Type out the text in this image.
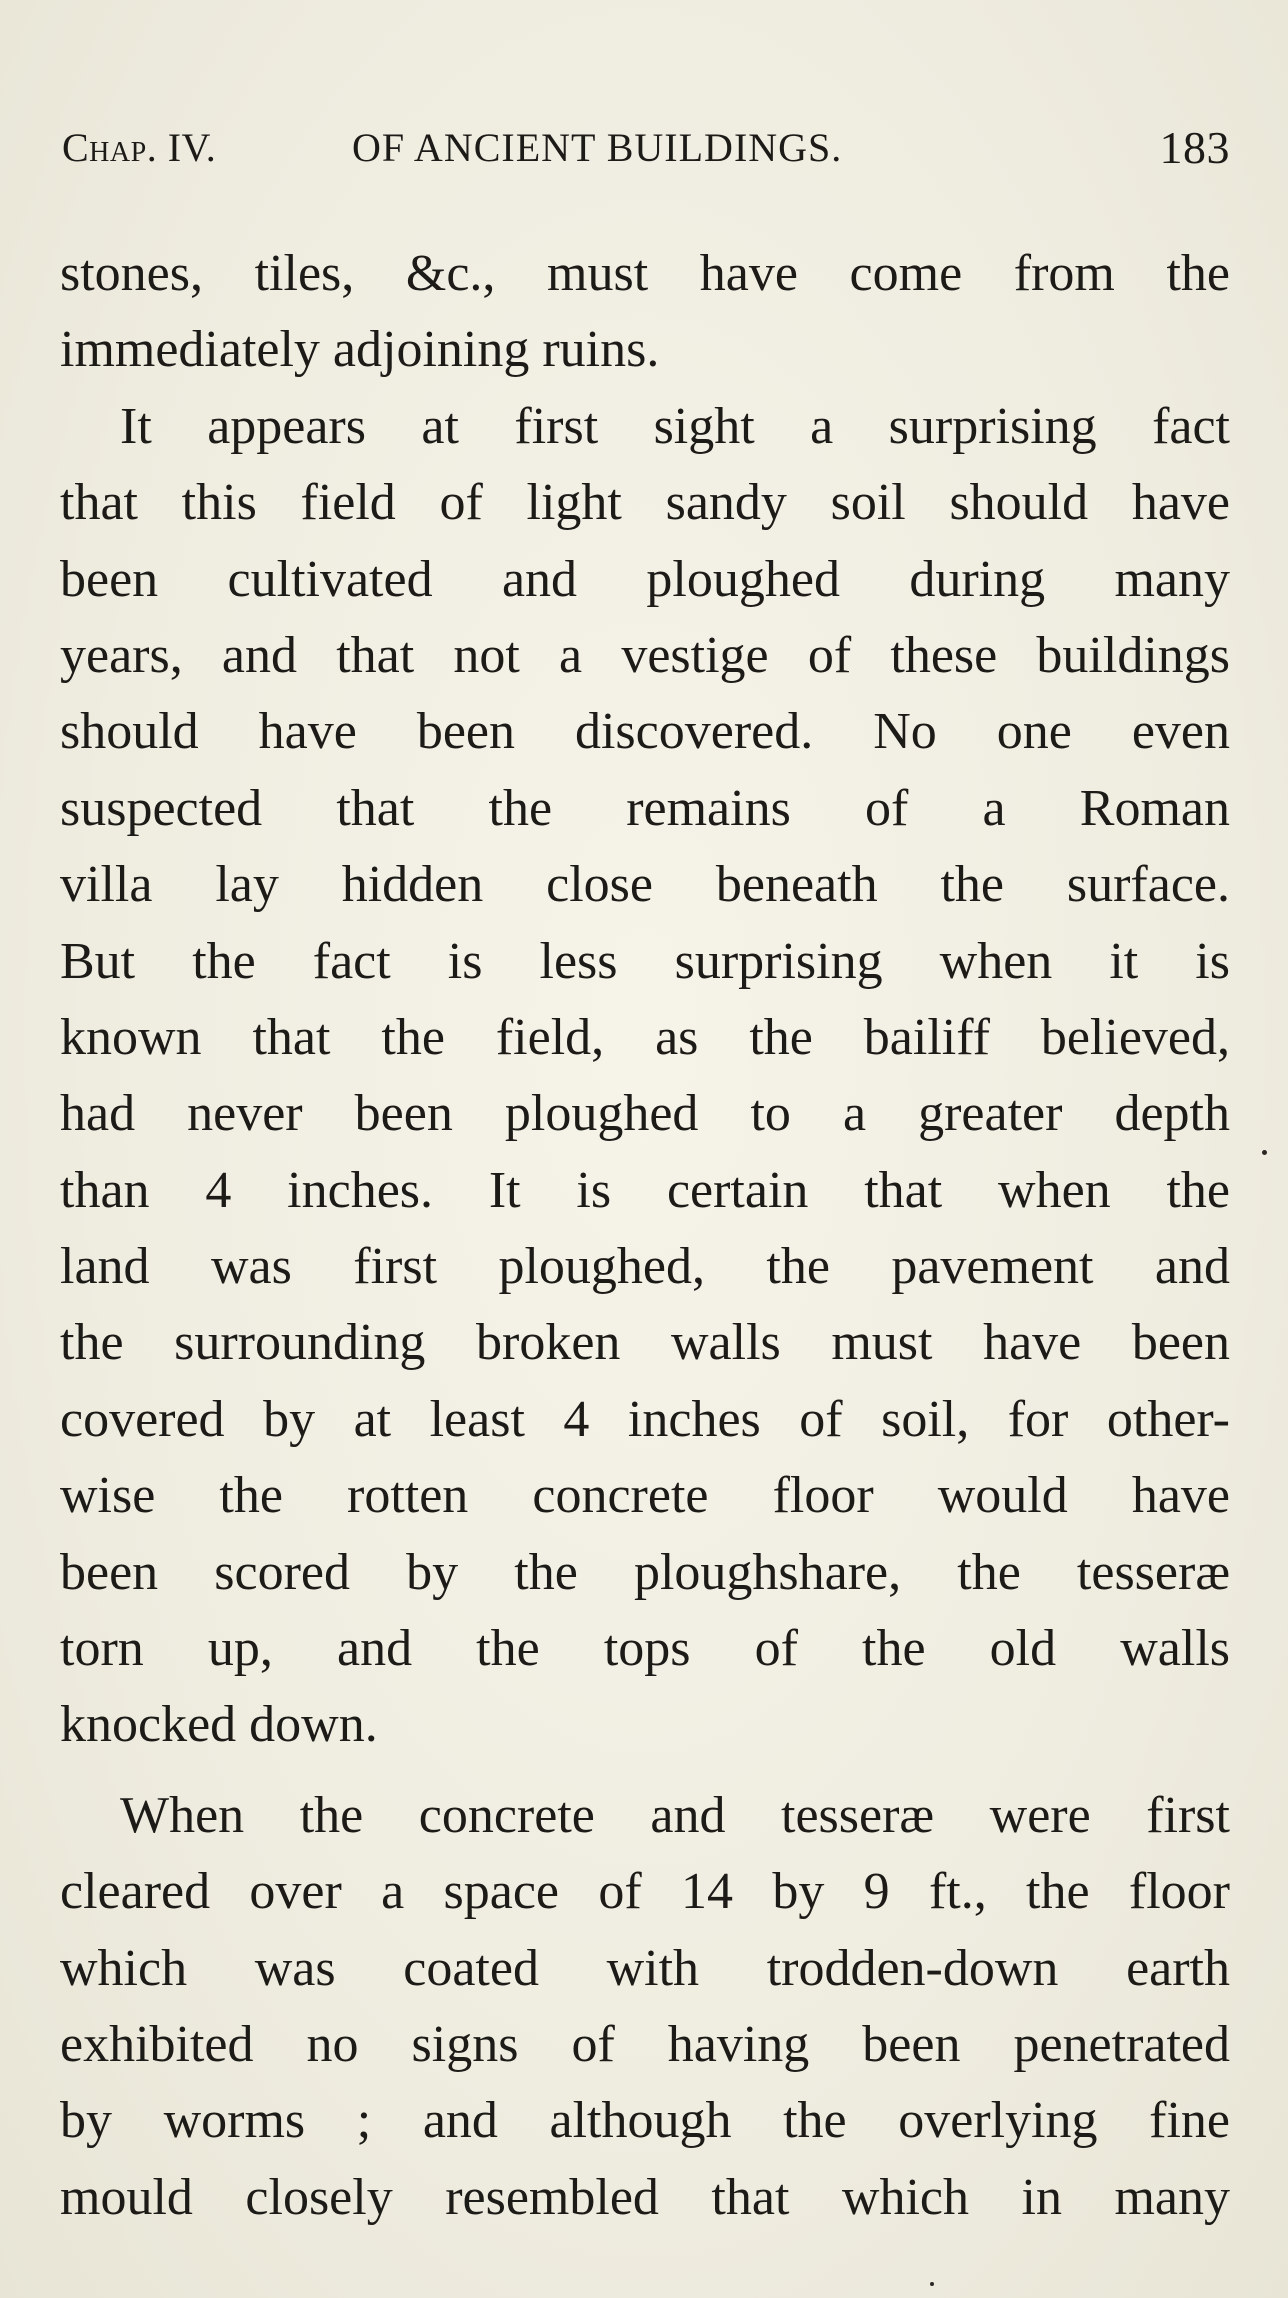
Chap. IV.	OF ANCIENT BUILDINGS.	183
stones, tiles, &c., must have come from the
immediately adjoining ruins.
It appears at first sight a surprising fact
that this field of light sandy soil should have
been cultivated and ploughed during many
years, and that not a vestige of these buildings
should have been discovered. No one even
suspected that the remains of a Roman
villa lay hidden close beneath the surface.
But the fact is less surprising when it is
known that the field, as the bailiff believed,
had never been ploughed to a greater depth
than 4 inches. It is certain that when the
land was first ploughed, the pavement and
the surrounding broken walls must have been
covered by at least 4 inches of soil, for other-
wise the rotten concrete floor would have
been scored by the ploughshare, the tesseræ
torn up, and the tops of the old walls
knocked down.
When the concrete and tesseræ were first
cleared over a space of 14 by 9 ft., the floor
which was coated with trodden-down earth
exhibited no signs of having been penetrated
by worms ; and although the overlying fine
mould closely resembled that which in many
